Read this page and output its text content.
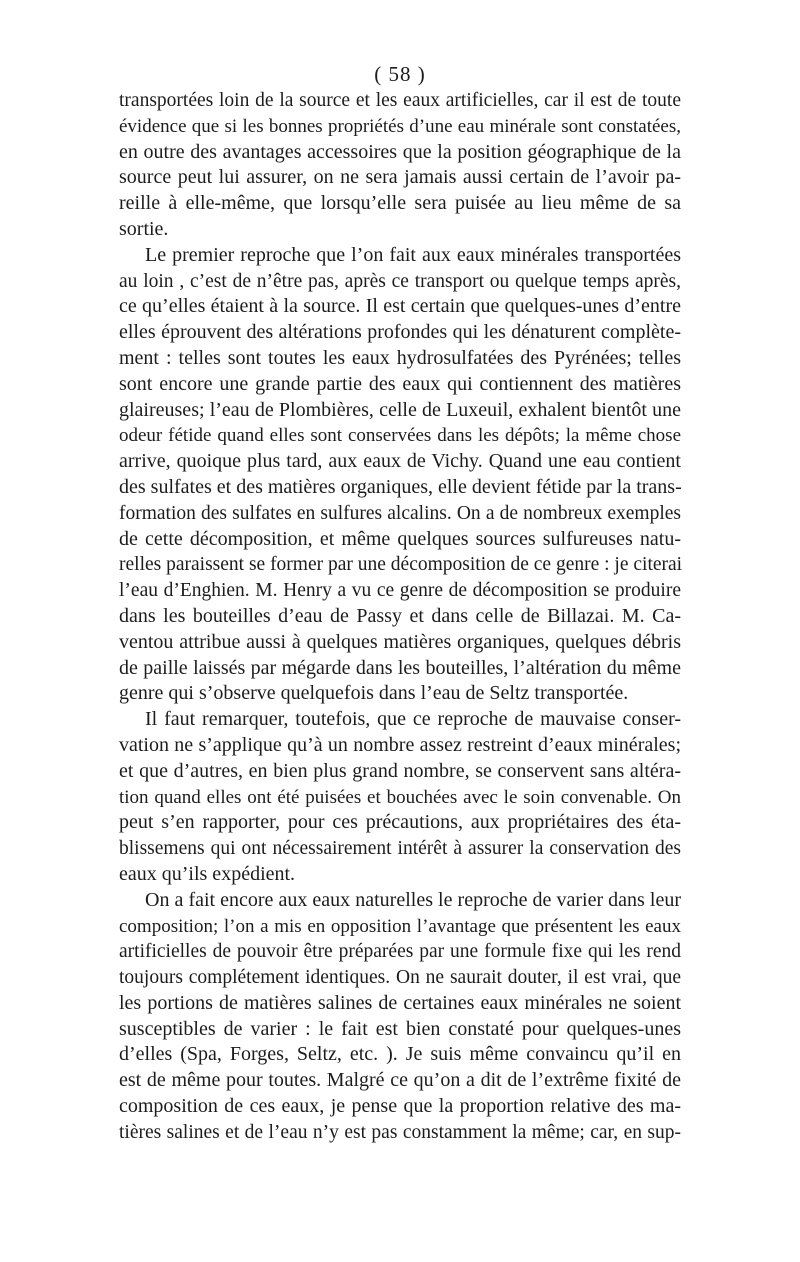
( 58 )
transportées loin de la source et les eaux artificielles, car il est de toute
évidence que si les bonnes propriétés d’une eau minérale sont constatées,
en outre des avantages accessoires que la position géographique de la
source peut lui assurer, on ne sera jamais aussi certain de l’avoir pa-
reille à elle-même, que lorsqu’elle sera puisée au lieu même de sa
sortie.
Le premier reproche que l’on fait aux eaux minérales transportées
au loin , c’est de n’être pas, après ce transport ou quelque temps après,
ce qu’elles étaient à la source. Il est certain que quelques-unes d’entre
elles éprouvent des altérations profondes qui les dénaturent complète-
ment : telles sont toutes les eaux hydrosulfatées des Pyrénées; telles
sont encore une grande partie des eaux qui contiennent des matières
glaireuses; l’eau de Plombières, celle de Luxeuil, exhalent bientôt une
odeur fétide quand elles sont conservées dans les dépôts; la même chose
arrive, quoique plus tard, aux eaux de Vichy. Quand une eau contient
des sulfates et des matières organiques, elle devient fétide par la trans-
formation des sulfates en sulfures alcalins. On a de nombreux exemples
de cette décomposition, et même quelques sources sulfureuses natu-
relles paraissent se former par une décomposition de ce genre : je citerai
l’eau d’Enghien. M. Henry a vu ce genre de décomposition se produire
dans les bouteilles d’eau de Passy et dans celle de Billazai. M. Ca-
ventou attribue aussi à quelques matières organiques, quelques débris
de paille laissés par mégarde dans les bouteilles, l’altération du même
genre qui s’observe quelquefois dans l’eau de Seltz transportée.
Il faut remarquer, toutefois, que ce reproche de mauvaise conser-
vation ne s’applique qu’à un nombre assez restreint d’eaux minérales;
et que d’autres, en bien plus grand nombre, se conservent sans altéra-
tion quand elles ont été puisées et bouchées avec le soin convenable. On
peut s’en rapporter, pour ces précautions, aux propriétaires des éta-
blissemens qui ont nécessairement intérêt à assurer la conservation des
eaux qu’ils expédient.
On a fait encore aux eaux naturelles le reproche de varier dans leur
composition; l’on a mis en opposition l’avantage que présentent les eaux
artificielles de pouvoir être préparées par une formule fixe qui les rend
toujours complétement identiques. On ne saurait douter, il est vrai, que
les portions de matières salines de certaines eaux minérales ne soient
susceptibles de varier : le fait est bien constaté pour quelques-unes
d’elles (Spa, Forges, Seltz, etc. ). Je suis même convaincu qu’il en
est de même pour toutes. Malgré ce qu’on a dit de l’extrême fixité de
composition de ces eaux, je pense que la proportion relative des ma-
tières salines et de l’eau n’y est pas constamment la même; car, en sup-
